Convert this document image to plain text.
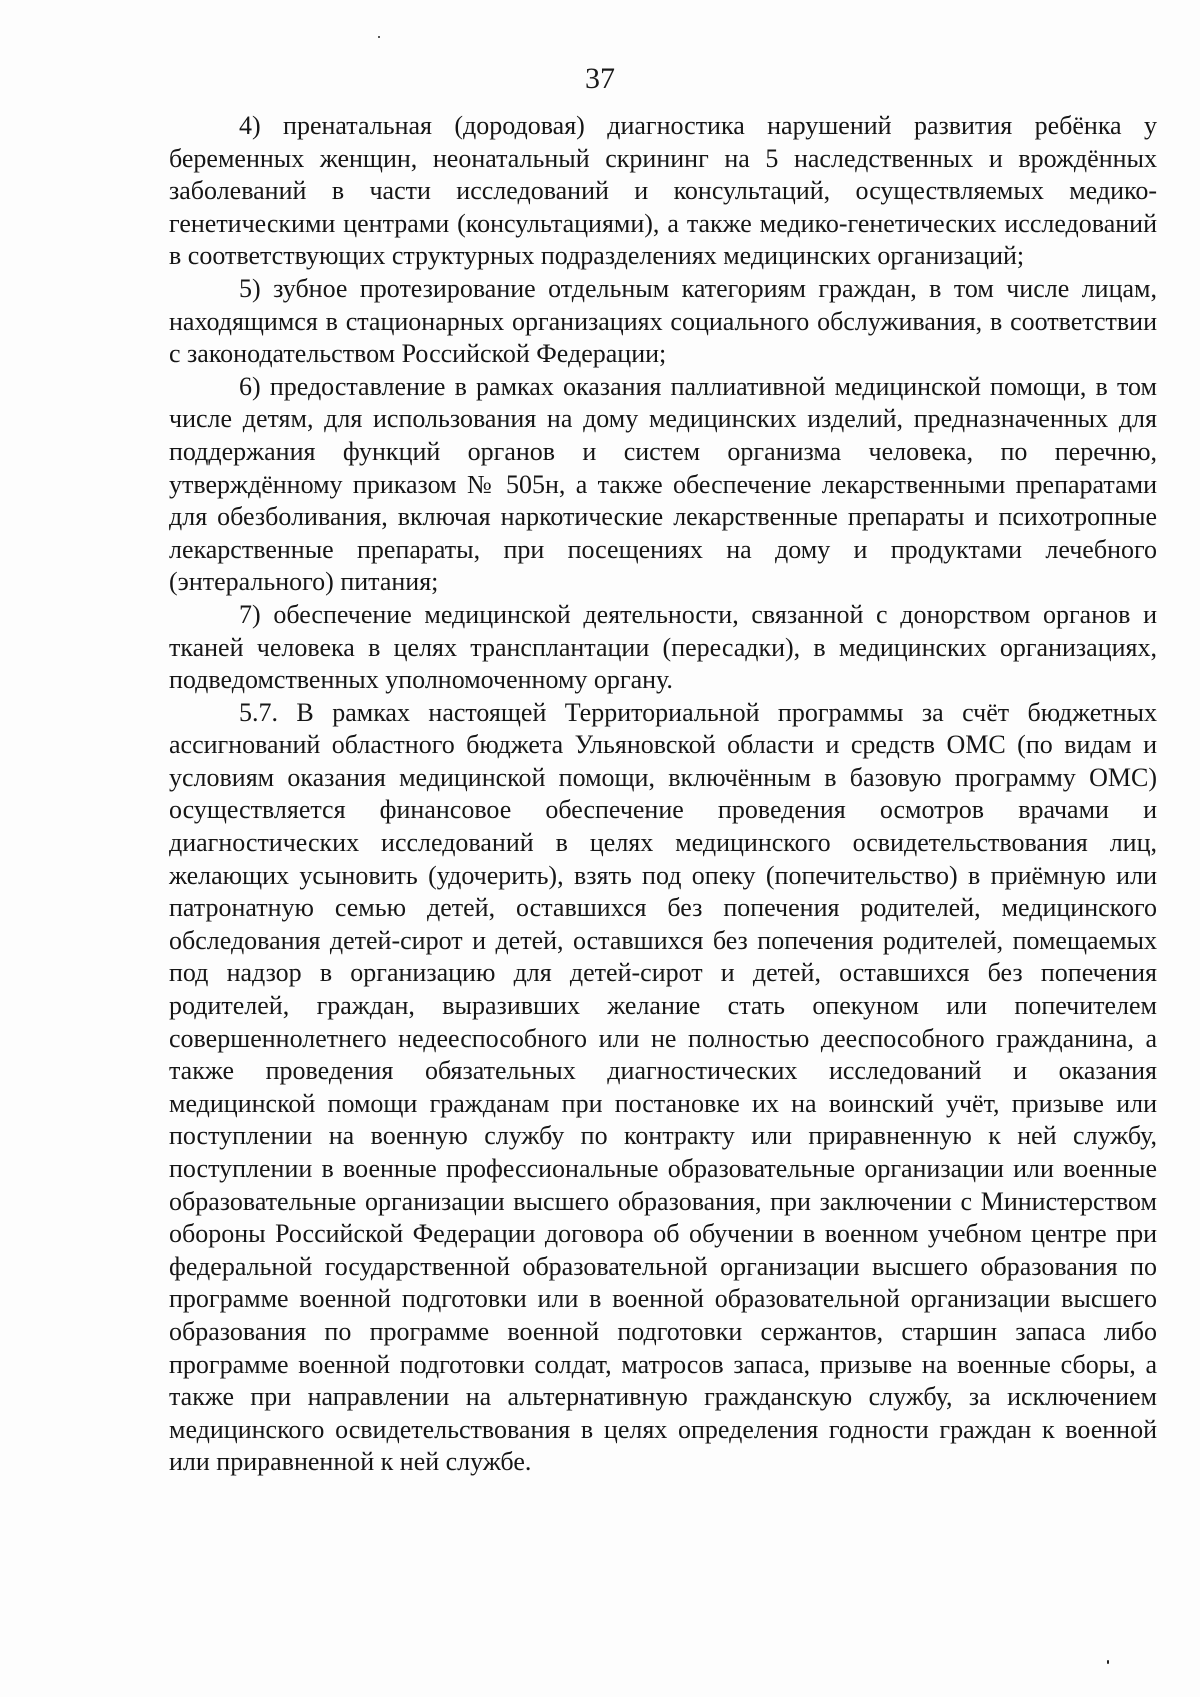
37

4) пренатальная (дородовая) диагностика нарушений развития ребёнка у беременных женщин, неонатальный скрининг на 5 наследственных и врождённых заболеваний в части исследований и консультаций, осуществляемых медико-генетическими центрами (консультациями), а также медико-генетических исследований в соответствующих структурных подразделениях медицинских организаций;

5) зубное протезирование отдельным категориям граждан, в том числе лицам, находящимся в стационарных организациях социального обслуживания, в соответствии с законодательством Российской Федерации;

6) предоставление в рамках оказания паллиативной медицинской помощи, в том числе детям, для использования на дому медицинских изделий, предназначенных для поддержания функций органов и систем организма человека, по перечню, утверждённому приказом № 505н, а также обеспечение лекарственными препаратами для обезболивания, включая наркотические лекарственные препараты и психотропные лекарственные препараты, при посещениях на дому и продуктами лечебного (энтерального) питания;

7) обеспечение медицинской деятельности, связанной с донорством органов и тканей человека в целях трансплантации (пересадки), в медицинских организациях, подведомственных уполномоченному органу.

5.7. В рамках настоящей Территориальной программы за счёт бюджетных ассигнований областного бюджета Ульяновской области и средств ОМС (по видам и условиям оказания медицинской помощи, включённым в базовую программу ОМС) осуществляется финансовое обеспечение проведения осмотров врачами и диагностических исследований в целях медицинского освидетельствования лиц, желающих усыновить (удочерить), взять под опеку (попечительство) в приёмную или патронатную семью детей, оставшихся без попечения родителей, медицинского обследования детей-сирот и детей, оставшихся без попечения родителей, помещаемых под надзор в организацию для детей-сирот и детей, оставшихся без попечения родителей, граждан, выразивших желание стать опекуном или попечителем совершеннолетнего недееспособного или не полностью дееспособного гражданина, а также проведения обязательных диагностических исследований и оказания медицинской помощи гражданам при постановке их на воинский учёт, призыве или поступлении на военную службу по контракту или приравненную к ней службу, поступлении в военные профессиональные образовательные организации или военные образовательные организации высшего образования, при заключении с Министерством обороны Российской Федерации договора об обучении в военном учебном центре при федеральной государственной образовательной организации высшего образования по программе военной подготовки или в военной образовательной организации высшего образования по программе военной подготовки сержантов, старшин запаса либо программе военной подготовки солдат, матросов запаса, призыве на военные сборы, а также при направлении на альтернативную гражданскую службу, за исключением медицинского освидетельствования в целях определения годности граждан к военной или приравненной к ней службе.
